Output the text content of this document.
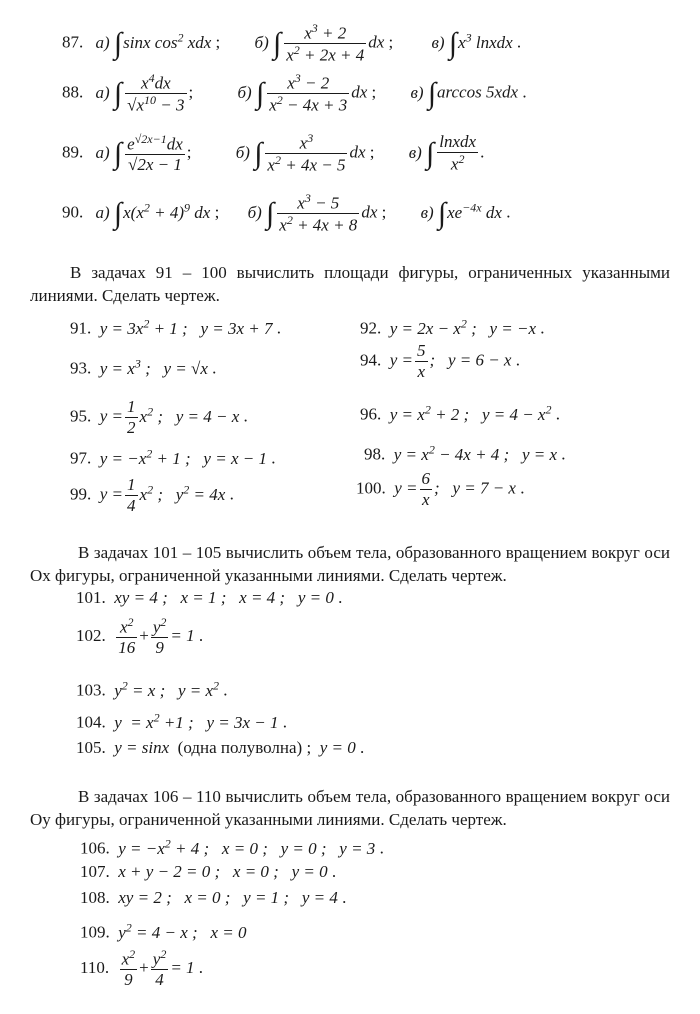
87. а) ∫sinx $\cos^2$ xdx ; б) ∫ $\frac{x^3 + 2}{x^2 + 2x + 4}$ dx ; в) $\int x^3$ lnxdx .
88. а) ∫ $\frac{x^4dx}{√x^{10} - 3}$ ; б) ∫ $\frac{x^3 - 2}{x^2 - 4x + 3}$ dx ; в) ∫arccos 5xdx .
89. а) ∫ $\frac{e^{√2x-1}dx}{√2x - 1}$ ; б) ∫ $\frac{x^3}{x^2 + 4x - 5}$ dx ; в) ∫ $\frac{\text{lnxdx}}{x^2}$ .
90. а) $\int x(x^2 + 4)^9$ dx ; б) ∫ $\frac{x^3 - 5}{x^2 + 4x + 8}$ dx ; в) $\int xe^{-4x}$ dx .
В задачах 91 – 100 вычислить площади фигуры, ограниченных указанными линиями. Сделать чертеж.
91. $y = 3x^2 + 1$ ;   y = 3x + 7 .	92. $y = 2x - x^2$ ;   y = −x .
93. $y = x^3$ ;   y = √x .	94. $y = \frac{5}{x}$ ;   y = 6 − x .
95. $y = \frac{1}{2} x^2$ ;   y = 4 − x .	96. $y = x^2 + 2$ ;   $y = 4 - x^2$ .
97. $y = -x^2 + 1$ ;   y = x − 1 .	98. $y = x^2 - 4x + 4$ ;   y = x .
99. $y = \frac{1}{4} x^2$ ;   $y^2 = 4x$ .	100. $y = \frac{6}{x}$ ;   y = 7 − x .
В задачах 101 – 105 вычислить объем тела, образованного вращением вокруг оси Ox фигуры, ограниченной указанными линиями. Сделать чертеж.
101. xy = 4 ;   x = 1 ;   x = 4 ;   y = 0 .
102. $\frac{x^2}{16} + \frac{y^2}{9} = 1$ .
103. $y^2 = x$ ;   $y = x^2$ .
104. $y = x^2 +1$ ;   y = 3x − 1 .
105. y = sinx (одна полуволна) ;  y = 0 .
В задачах 106 – 110 вычислить объем тела, образованного вращением вокруг оси Oy фигуры, ограниченной указанными линиями. Сделать чертеж.
106. $y = -x^2 + 4$ ;   x = 0 ;   y = 0 ;   y = 3 .
107. x + y − 2 = 0 ;   x = 0 ;   y = 0 .
108. xy = 2 ;   x = 0 ;   y = 1 ;   y = 4 .
109. $y^2 = 4 - x$ ;   x = 0
110. $\frac{x^2}{9} + \frac{y^2}{4} = 1$ .
